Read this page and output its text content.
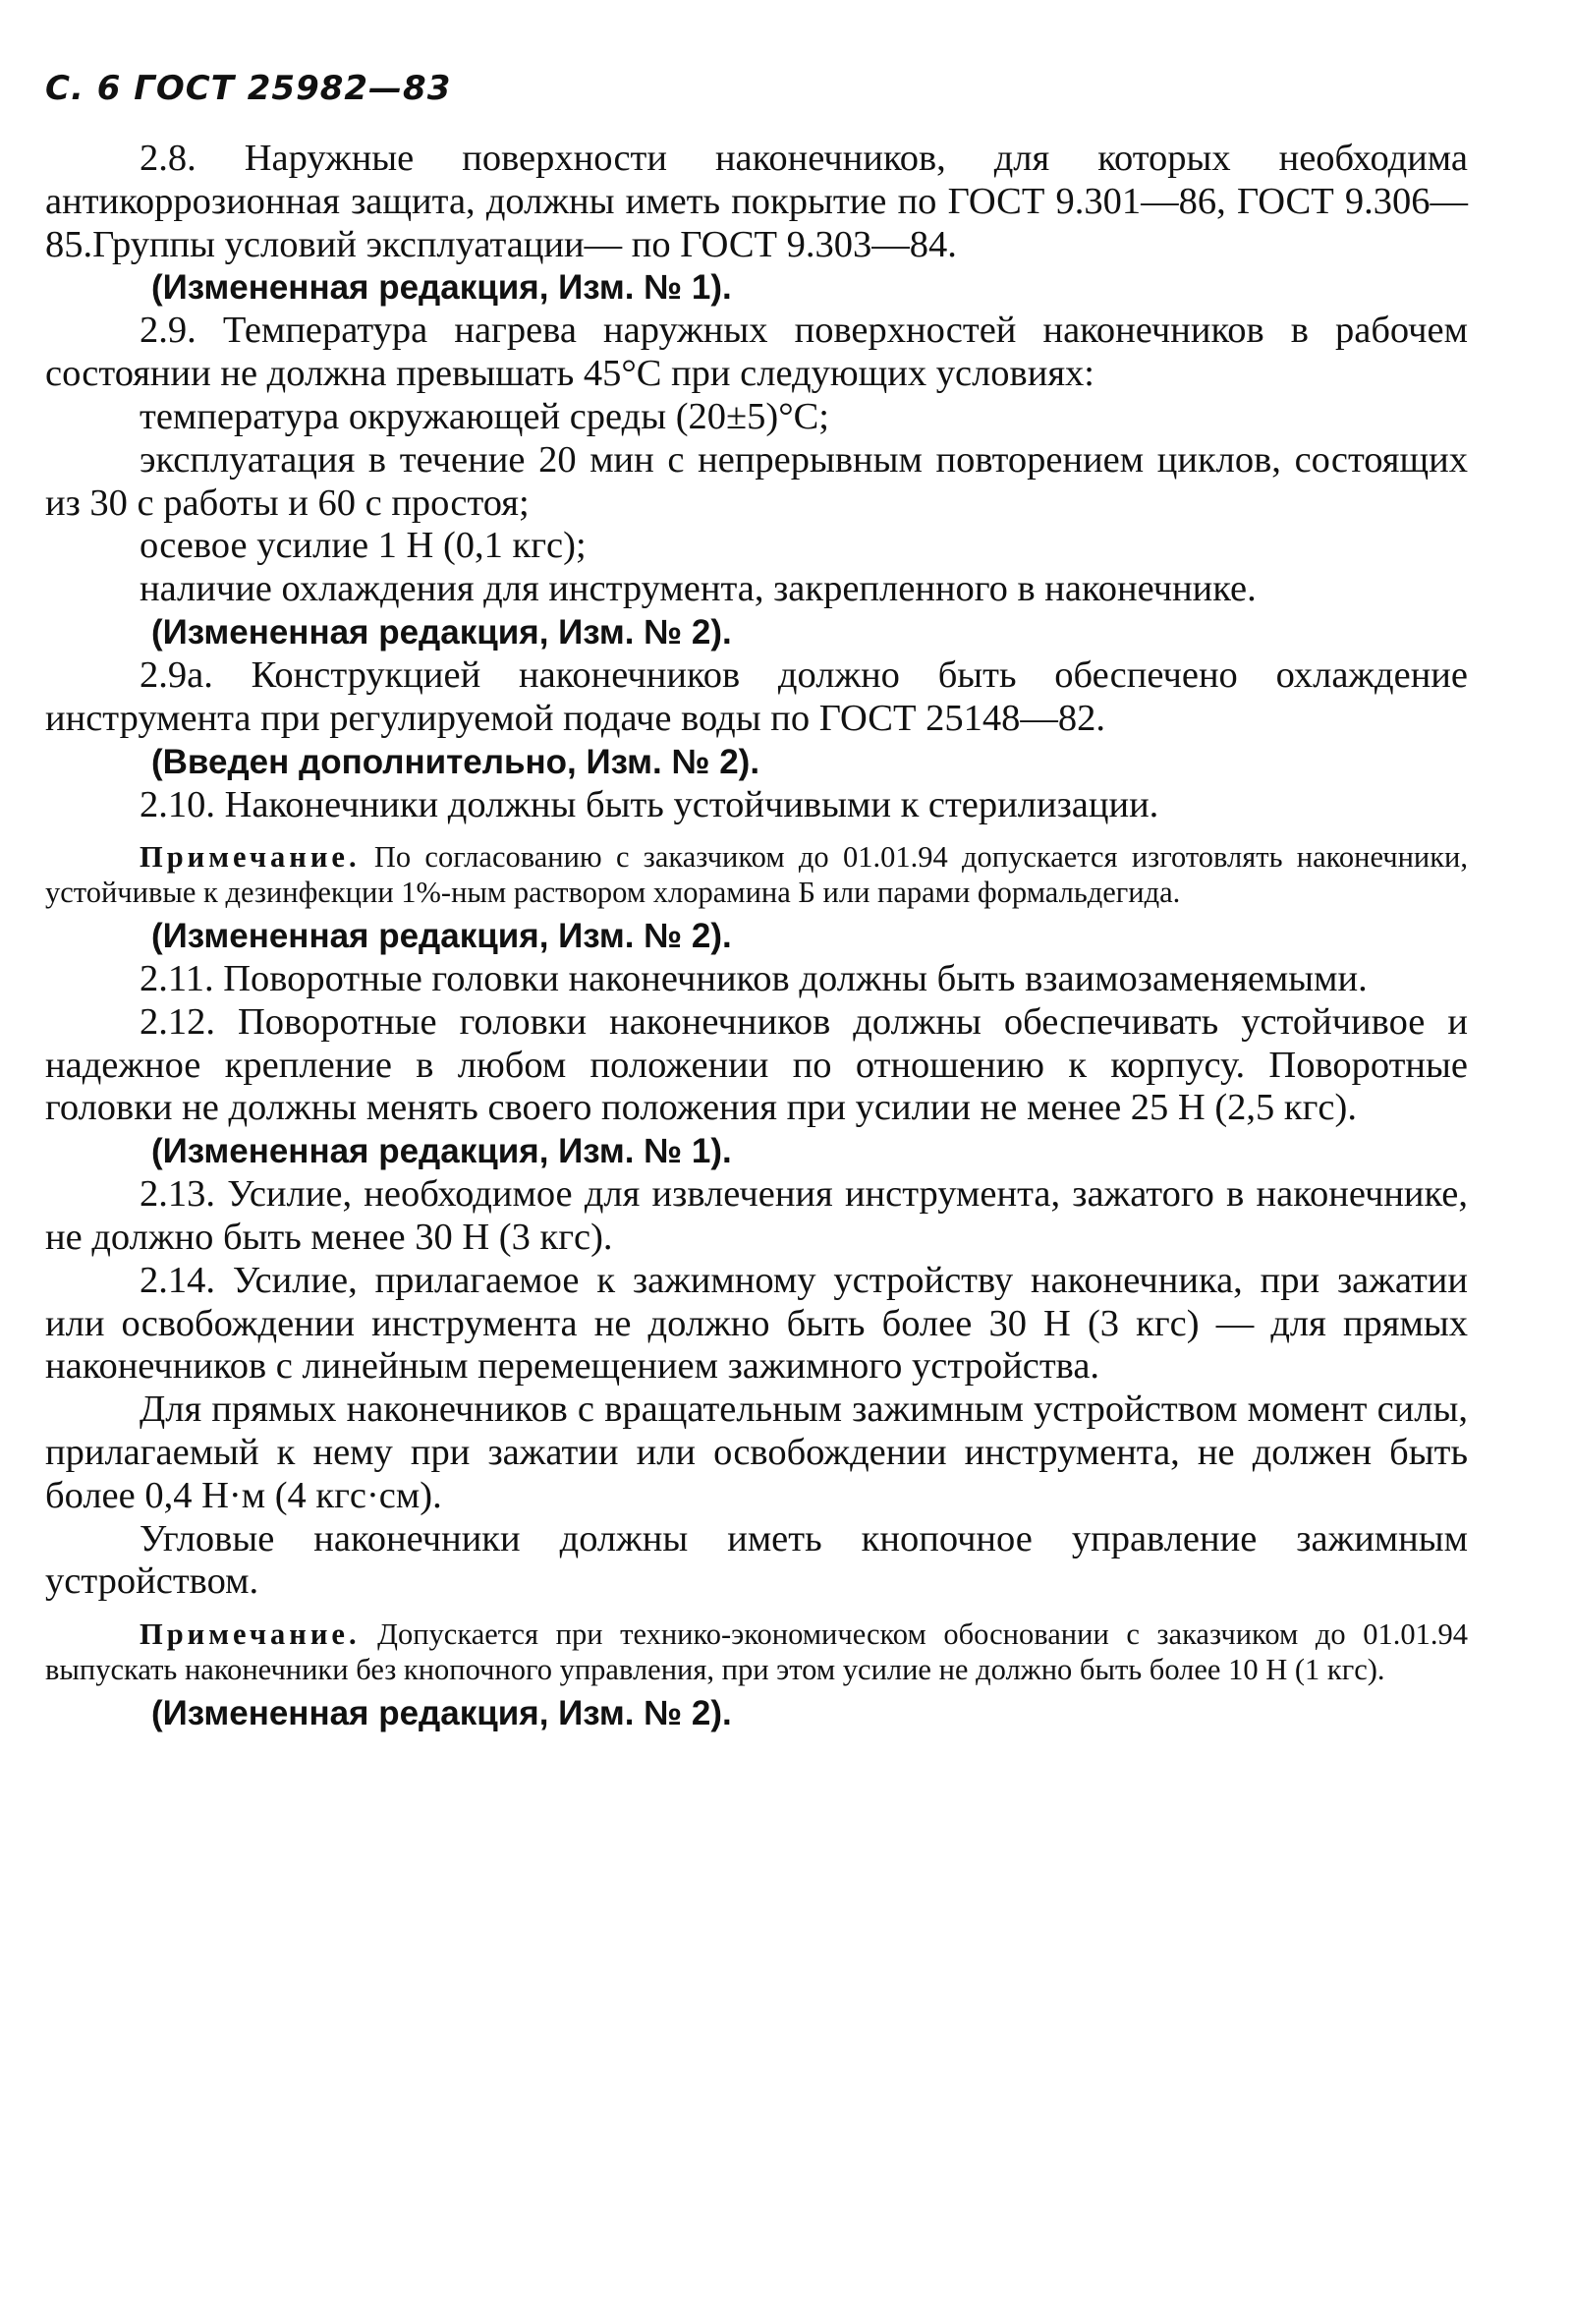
С. 6 ГОСТ 25982—83

2.8. Наружные поверхности наконечников, для которых необходима антикоррозионная защита, должны иметь покрытие по ГОСТ 9.301—86, ГОСТ 9.306—85.Группы условий эксплуатации— по ГОСТ 9.303—84.

(Измененная редакция, Изм. № 1).

2.9. Температура нагрева наружных поверхностей наконечников в рабочем состоянии не должна превышать 45°С при следующих условиях:

температура окружающей среды (20±5)°С;

эксплуатация в течение 20 мин с непрерывным повторением циклов, состоящих из 30 с работы и 60 с простоя;

осевое усилие 1 Н (0,1 кгс);

наличие охлаждения для инструмента, закрепленного в наконечнике.

(Измененная редакция, Изм. № 2).

2.9а. Конструкцией наконечников должно быть обеспечено охлаждение инструмента при регулируемой подаче воды по ГОСТ 25148—82.

(Введен дополнительно, Изм. № 2).

2.10. Наконечники должны быть устойчивыми к стерилизации.

Примечание. По согласованию с заказчиком до 01.01.94 допускается изготовлять наконечники, устойчивые к дезинфекции 1%-ным раствором хлорамина Б или парами формальдегида.

(Измененная редакция, Изм. № 2).

2.11. Поворотные головки наконечников должны быть взаимозаменяемыми.

2.12. Поворотные головки наконечников должны обеспечивать устойчивое и надежное крепление в любом положении по отношению к корпусу. Поворотные головки не должны менять своего положения при усилии не менее 25 Н (2,5 кгс).

(Измененная редакция, Изм. № 1).

2.13. Усилие, необходимое для извлечения инструмента, зажатого в наконечнике, не должно быть менее 30 Н (3 кгс).

2.14. Усилие, прилагаемое к зажимному устройству наконечника, при зажатии или освобождении инструмента не должно быть более 30 Н (3 кгс) — для прямых наконечников с линейным перемещением зажимного устройства.

Для прямых наконечников с вращательным зажимным устройством момент силы, прилагаемый к нему при зажатии или освобождении инструмента, не должен быть более 0,4 Н·м (4 кгс·см).

Угловые наконечники должны иметь кнопочное управление зажимным устройством.

Примечание. Допускается при технико-экономическом обосновании с заказчиком до 01.01.94 выпускать наконечники без кнопочного управления, при этом усилие не должно быть более 10 Н (1 кгс).

(Измененная редакция, Изм. № 2).
